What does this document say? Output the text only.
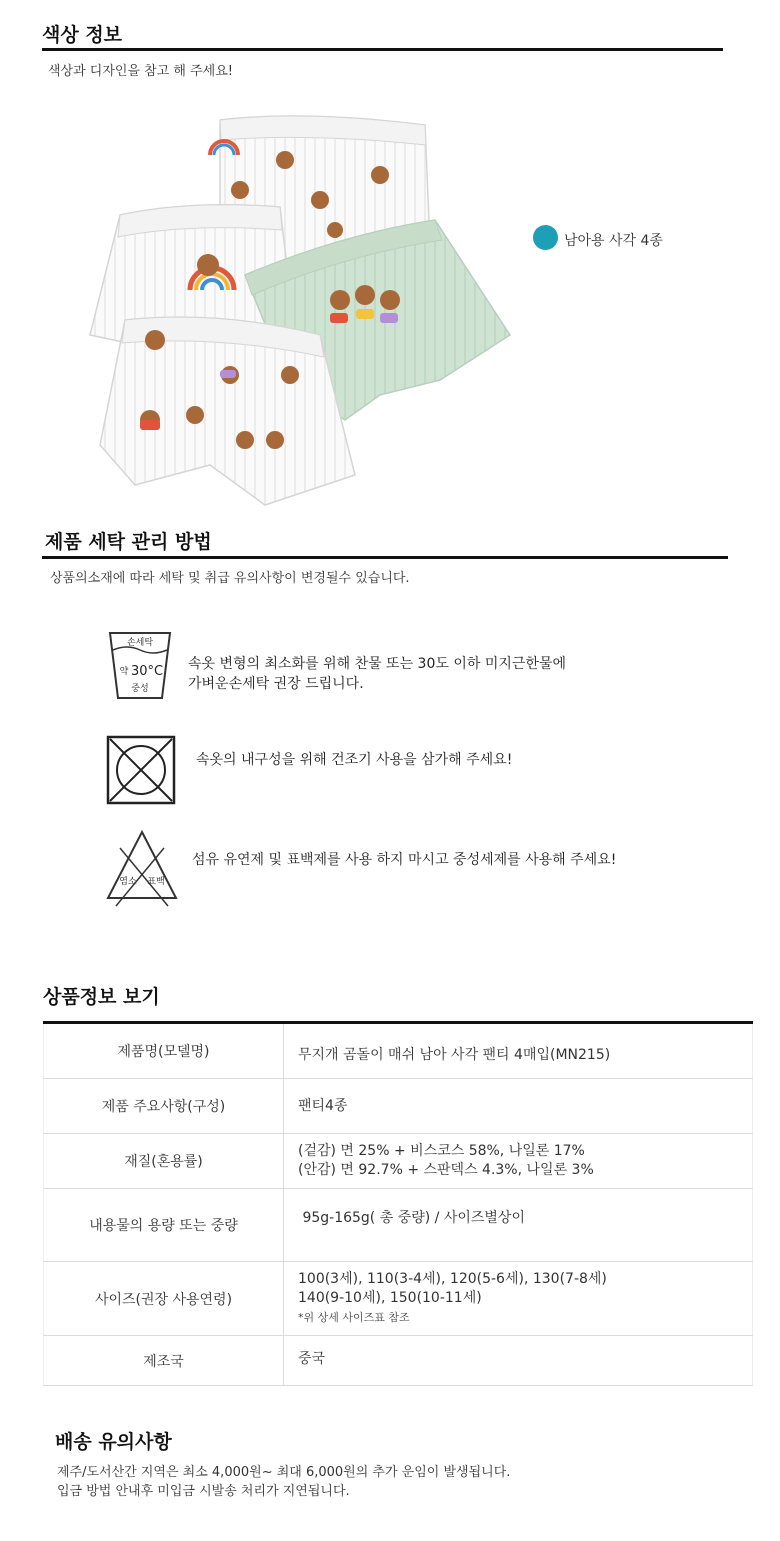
색상 정보
색상과 디자인을 참고 해 주세요!
남아용 사각 4종
제품 세탁 관리 방법
상품의소재에 따라 세탁 및 취급 유의사항이 변경될수 있습니다.
손세탁
약 30°C
중성
속옷 변형의 최소화를 위해 찬물 또는 30도 이하 미지근한물에
가벼운손세탁 권장 드립니다.
속옷의 내구성을 위해 건조기 사용을 삼가해 주세요!
염소 표백
섬유 유연제 및 표백제를 사용 하지 마시고 중성세제를 사용해 주세요!
상품정보 보기
제품명(모델명)	무지개 곰돌이 매쉬 남아 사각 팬티 4매입(MN215)

제품 주요사항(구성)	팬티4종

재질(혼용률)	(겉감) 면 25% + 비스코스 58%, 나일론 17%
(안감) 면 92.7% + 스판덱스 4.3%, 나일론 3%

내용물의 용량 또는 중량	95g-165g( 총 중량) / 사이즈별상이

사이즈(권장 사용연령)	100(3세), 110(3-4세), 120(5-6세), 130(7-8세)
140(9-10세), 150(10-11세)
*위 상세 사이즈표 참조

제조국	중국
배송 유의사항
제주/도서산간 지역은 최소 4,000원~ 최대 6,000원의 추가 운임이 발생됩니다.
입금 방법 안내후 미입금 시발송 처리가 지연됩니다.
